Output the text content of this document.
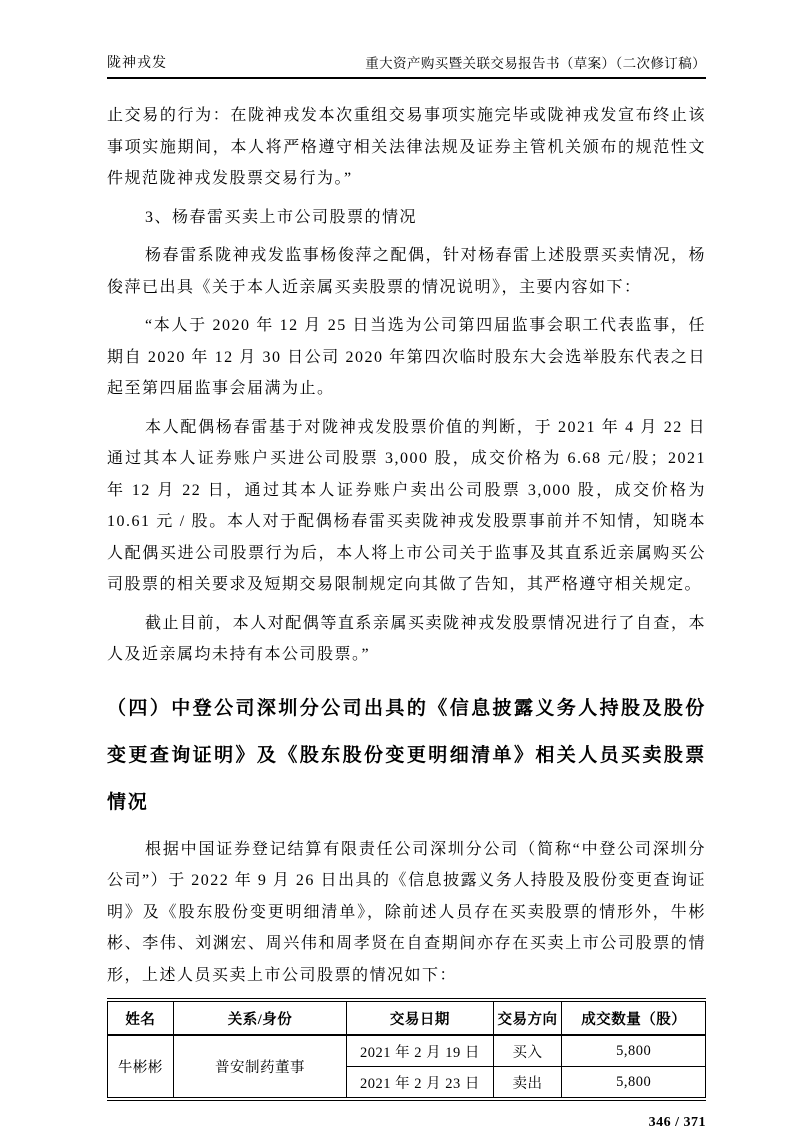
陇神戎发	重大资产购买暨关联交易报告书（草案）（二次修订稿）

止交易的行为：在陇神戎发本次重组交易事项实施完毕或陇神戎发宣布终止该事项实施期间，本人将严格遵守相关法律法规及证券主管机关颁布的规范性文件规范陇神戎发股票交易行为。”

3、杨春雷买卖上市公司股票的情况

杨春雷系陇神戎发监事杨俊萍之配偶，针对杨春雷上述股票买卖情况，杨俊萍已出具《关于本人近亲属买卖股票的情况说明》，主要内容如下：

“本人于 2020 年 12 月 25 日当选为公司第四届监事会职工代表监事，任期自 2020 年 12 月 30 日公司 2020 年第四次临时股东大会选举股东代表之日起至第四届监事会届满为止。

本人配偶杨春雷基于对陇神戎发股票价值的判断，于 2021 年 4 月 22 日通过其本人证券账户买进公司股票 3,000 股，成交价格为 6.68 元/股；2021 年 12 月 22 日，通过其本人证券账户卖出公司股票 3,000 股，成交价格为 10.61 元 / 股。本人对于配偶杨春雷买卖陇神戎发股票事前并不知情，知晓本人配偶买进公司股票行为后，本人将上市公司关于监事及其直系近亲属购买公司股票的相关要求及短期交易限制规定向其做了告知，其严格遵守相关规定。

截止目前，本人对配偶等直系亲属买卖陇神戎发股票情况进行了自查，本人及近亲属均未持有本公司股票。”

（四）中登公司深圳分公司出具的《信息披露义务人持股及股份变更查询证明》及《股东股份变更明细清单》相关人员买卖股票情况

根据中国证券登记结算有限责任公司深圳分公司（简称“中登公司深圳分公司”）于 2022 年 9 月 26 日出具的《信息披露义务人持股及股份变更查询证明》及《股东股份变更明细清单》，除前述人员存在买卖股票的情形外，牛彬彬、李伟、刘渊宏、周兴伟和周孝贤在自查期间亦存在买卖上市公司股票的情形，上述人员买卖上市公司股票的情况如下：

姓名	关系/身份	交易日期	交易方向	成交数量（股）
牛彬彬	普安制药董事	2021 年 2 月 19 日	买入	5,800
		2021 年 2 月 23 日	卖出	5,800
346 / 371
